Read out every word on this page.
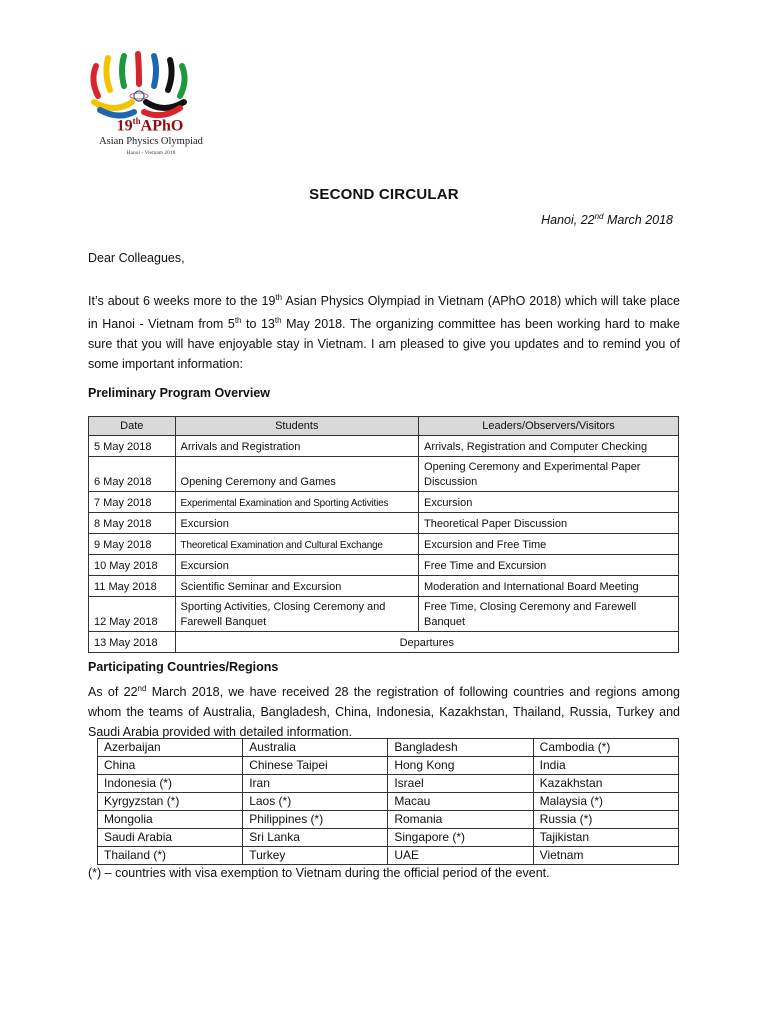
19thAPhO
Asian Physics Olympiad
Hanoi - Vietnam 2018
SECOND CIRCULAR
Hanoi, 22nd March 2018
Dear Colleagues,
It’s about 6 weeks more to the 19th Asian Physics Olympiad in Vietnam (APhO 2018) which will take place
in Hanoi - Vietnam from 5th to 13th May 2018. The organizing committee has been working hard to make
sure that you will have enjoyable stay in Vietnam. I am pleased to give you updates and to remind you of
some important information:
Preliminary Program Overview
Date	Students	Leaders/Observers/Visitors
5 May 2018	Arrivals and Registration	Arrivals, Registration and Computer Checking
6 May 2018	Opening Ceremony and Games	Opening Ceremony and Experimental Paper Discussion
7 May 2018	Experimental Examination and Sporting Activities	Excursion
8 May 2018	Excursion	Theoretical Paper Discussion
9 May 2018	Theoretical Examination and Cultural Exchange	Excursion and Free Time
10 May 2018	Excursion	Free Time and Excursion
11 May 2018	Scientific Seminar and Excursion	Moderation and International Board Meeting
12 May 2018	Sporting Activities, Closing Ceremony and Farewell Banquet	Free Time, Closing Ceremony and Farewell Banquet
13 May 2018	Departures	
Participating Countries/Regions
As of 22nd March 2018, we have received 28 the registration of following countries and regions among
whom the teams of Australia, Bangladesh, China, Indonesia, Kazakhstan, Thailand, Russia, Turkey and
Saudi Arabia provided with detailed information.
Azerbaijan	Australia	Bangladesh	Cambodia (*)
China	Chinese Taipei	Hong Kong	India
Indonesia (*)	Iran	Israel	Kazakhstan
Kyrgyzstan (*)	Laos (*)	Macau	Malaysia (*)
Mongolia	Philippines (*)	Romania	Russia (*)
Saudi Arabia	Sri Lanka	Singapore (*)	Tajikistan
Thailand (*)	Turkey	UAE	Vietnam
(*) – countries with visa exemption to Vietnam during the official period of the event.
